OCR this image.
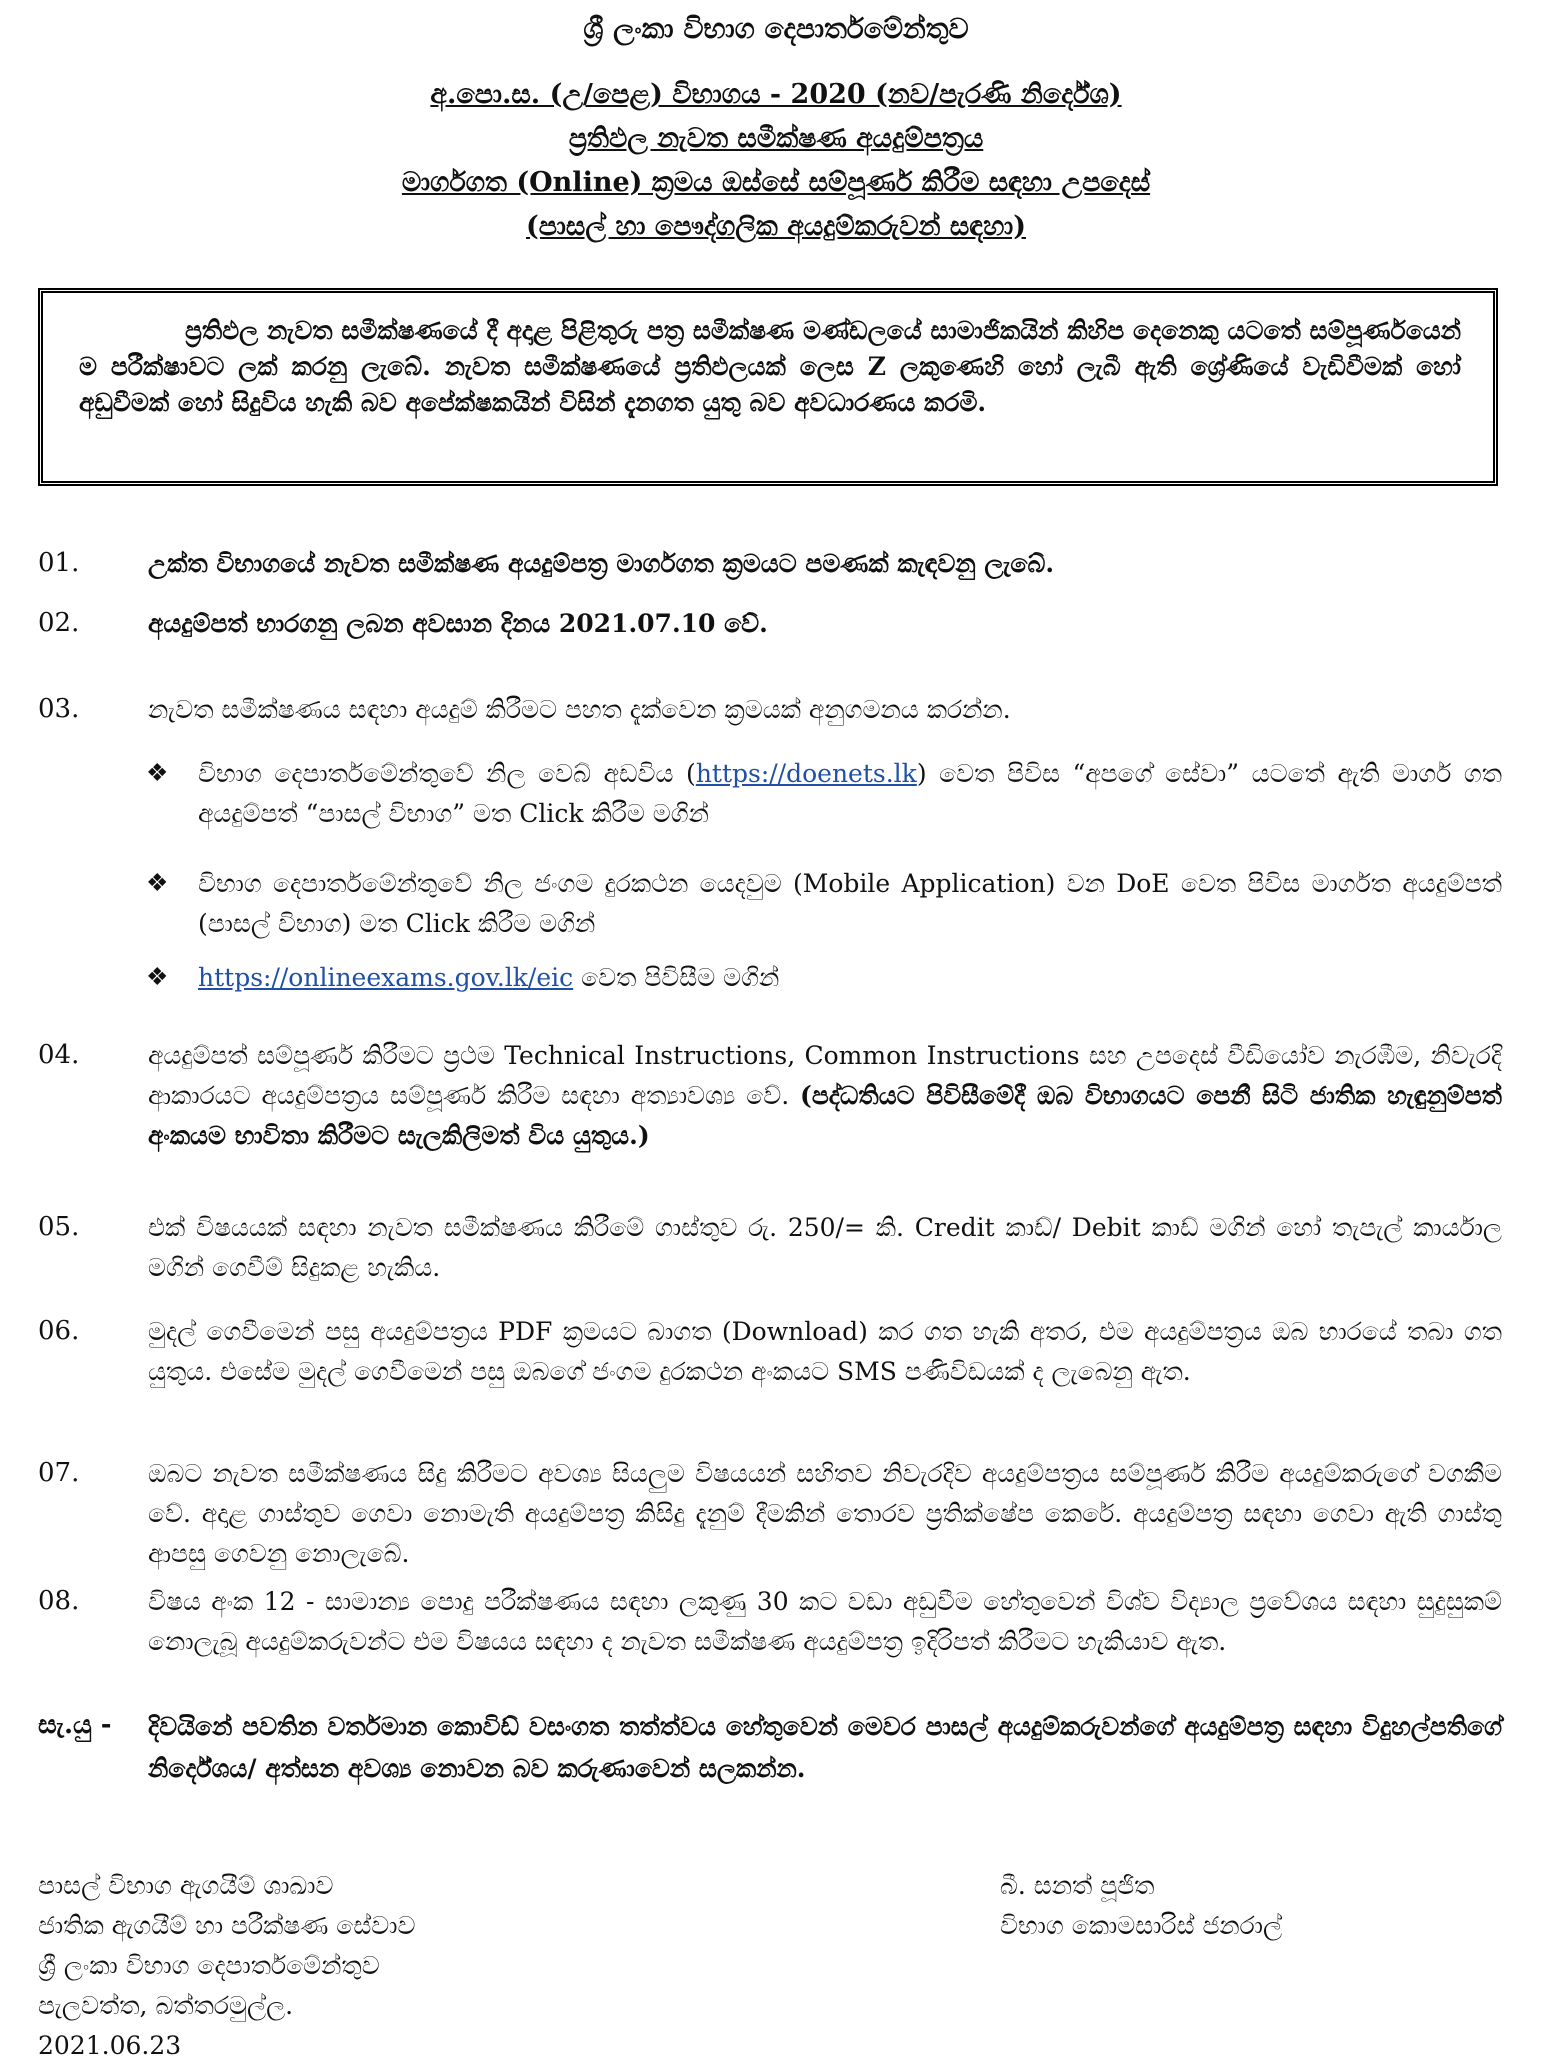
ශ්‍රී ලංකා විභාග දෙපාර්තමේන්තුව
අ.පො.ස. (උ/පෙළ) විභාගය - 2020 (නව/පැරණි නිර්දේශ)
ප්‍රතිඵල නැවත සමීක්ෂණ අයදුම්පත්‍රය
මාර්ගගත (Online) ක්‍රමය ඔස්සේ සම්පූර්ණ කිරීම සඳහා උපදෙස්
(පාසල් හා පෞද්ගලික අයදුම්කරුවන් සඳහා)
ප්‍රතිඵල නැවත සමීක්ෂණයේ දී අදාළ පිළිතුරු පත්‍ර සමීක්ෂණ මණ්ඩලයේ සාමාජිකයින් කිහිප දෙනෙකු යටතේ සම්පූර්ණයෙන් ම පරීක්ෂාවට ලක් කරනු ලැබේ. නැවත සමීක්ෂණයේ ප්‍රතිඵලයක් ලෙස Z ලකුණෙහි හෝ ලැබී ඇති ශ්‍රේණියේ වැඩිවීමක් හෝ අඩුවීමක් හෝ සිදුවිය හැකි බව අපේක්ෂකයින් විසින් දැනගත යුතු බව අවධාරණය කරමි.
01.	උක්ත විභාගයේ නැවත සමීක්ෂණ අයදුම්පත්‍ර මාර්ගගත ක්‍රමයට පමණක් කැඳවනු ලැබේ.
02.	අයදුම්පත් භාරගනු ලබන අවසාන දිනය 2021.07.10 වේ.
03.	නැවත සමීක්ෂණය සඳහා අයදුම් කිරීමට පහත දැක්වෙන ක්‍රමයක් අනුගමනය කරන්න.
❖ විභාග දෙපාර්තමේන්තුවේ නිල වෙබ් අඩවිය (https://doenets.lk) වෙත පිවිස “අපගේ සේවා” යටතේ ඇති මාර්ග ගත අයදුම්පත් “පාසල් විභාග” මත Click කිරීම මගින්
❖ විභාග දෙපාර්තමේන්තුවේ නිල ජංගම දුරකථන යෙදවුම (Mobile Application) වන DoE වෙත පිවිස මාර්ගත අයදුම්පත් (පාසල් විභාග) මත Click කිරීම මගින්
❖ https://onlineexams.gov.lk/eic වෙත පිවිසීම මගින්
04.	අයදුම්පත් සම්පූර්ණ කිරීමට ප්‍රථම Technical Instructions, Common Instructions සහ උපදෙස් වීඩියෝව නැරඹීම, නිවැරදි ආකාරයට අයදුම්පත්‍රය සම්පූර්ණ කිරීම සඳහා අත්‍යාවශ්‍ය වේ. (පද්ධතියට පිවිසීමේදී ඔබ විභාගයට පෙනී සිටි ජාතික හැඳුනුම්පත් අංකයම භාවිතා කිරීමට සැලකිලිමත් විය යුතුය.)
05.	එක් විෂයයක් සඳහා නැවත සමීක්ෂණය කිරීමේ ගාස්තුව රු. 250/= කි. Credit කාඩ්/ Debit කාඩ් මගින් හෝ තැපැල් කාර්යාල මගින් ගෙවීම් සිදුකළ හැකිය.
06.	මුදල් ගෙවීමෙන් පසු අයදුම්පත්‍රය PDF ක්‍රමයට බාගත (Download) කර ගත හැකි අතර, එම අයදුම්පත්‍රය ඔබ භාරයේ තබා ගත යුතුය. එසේම මුදල් ගෙවීමෙන් පසු ඔබගේ ජංගම දුරකථන අංකයට SMS පණිවිඩයක් ද ලැබෙනු ඇත.
07.	ඔබට නැවත සමීක්ෂණය සිදු කිරීමට අවශ්‍ය සියලුම විෂයයන් සහිතව නිවැරදිව අයදුම්පත්‍රය සම්පූර්ණ කිරීම අයදුම්කරුගේ වගකීම වේ. අදාළ ගාස්තුව ගෙවා නොමැති අයදුම්පත්‍ර කිසිදු දැනුම් දීමකින් තොරව ප්‍රතික්ෂේප කෙරේ. අයදුම්පත්‍ර සඳහා ගෙවා ඇති ගාස්තු ආපසු ගෙවනු නොලැබේ.
08.	විෂය අංක 12 - සාමාන්‍ය පොදු පරීක්ෂණය සඳහා ලකුණු 30 කට වඩා අඩුවීම හේතුවෙන් විශ්ව විද්‍යාල ප්‍රවේශය සඳහා සුදුසුකම් නොලැබූ අයදුම්කරුවන්ට එම විෂයය සඳහා ද නැවත සමීක්ෂණ අයදුම්පත්‍ර ඉදිරිපත් කිරීමට හැකියාව ඇත.
සැ.යු - දිවයිනේ පවතින වර්තමාන කොවිඩ් වසංගත තත්ත්වය හේතුවෙන් මෙවර පාසල් අයදුම්කරුවන්ගේ අයදුම්පත්‍ර සඳහා විදුහල්පතිගේ නිර්දේශය/ අත්සන අවශ්‍ය නොවන බව කරුණාවෙන් සලකන්න.
පාසල් විභාග ඇගයීම් ශාඛාව
ජාතික ඇගයීම් හා පරීක්ෂණ සේවාව
ශ්‍රී ලංකා විභාග දෙපාර්තමේන්තුව
පැලවත්ත, බත්තරමුල්ල.
2021.06.23
බී. සනත් පූජිත
විභාග කොමසාරිස් ජනරාල්
